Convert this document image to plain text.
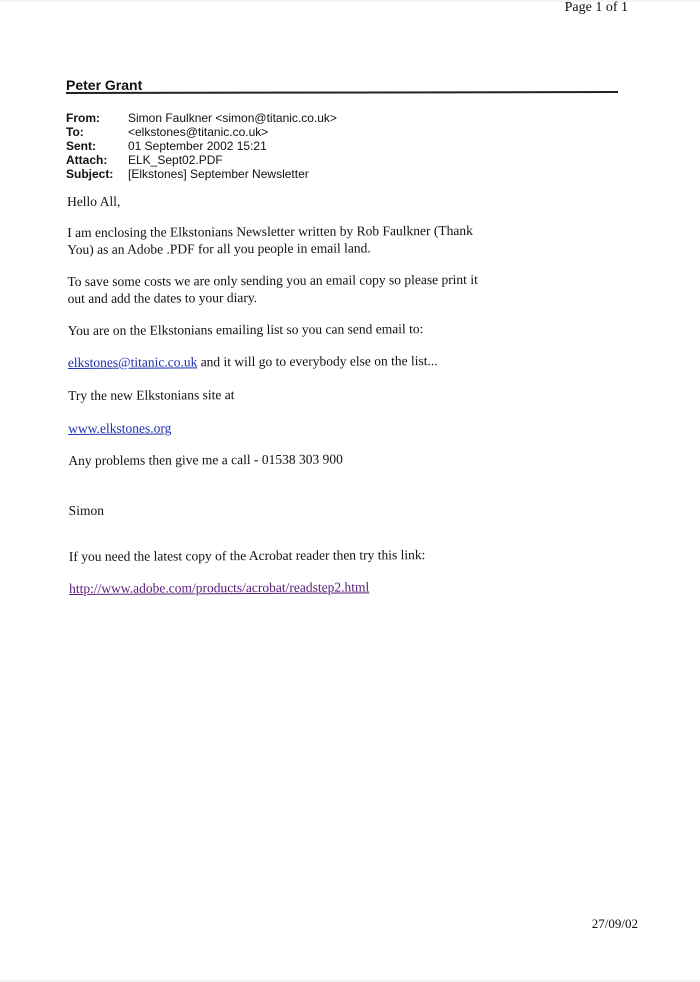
Page 1 of 1
Peter Grant
From:	Simon Faulkner <simon@titanic.co.uk>
To:	<elkstones@titanic.co.uk>
Sent:	01 September 2002 15:21
Attach:	ELK_Sept02.PDF
Subject:	[Elkstones] September Newsletter

Hello All,

I am enclosing the Elkstonians Newsletter written by Rob Faulkner (Thank

You) as an Adobe .PDF for all you people in email land.

To save some costs we are only sending you an email copy so please print it

out and add the dates to your diary.

You are on the Elkstonians emailing list so you can send email to:

elkstones@titanic.co.uk and it will go to everybody else on the list...

Try the new Elkstonians site at

www.elkstones.org

Any problems then give me a call - 01538 303 900

Simon

If you need the latest copy of the Acrobat reader then try this link:

http://www.adobe.com/products/acrobat/readstep2.html

27/09/02
